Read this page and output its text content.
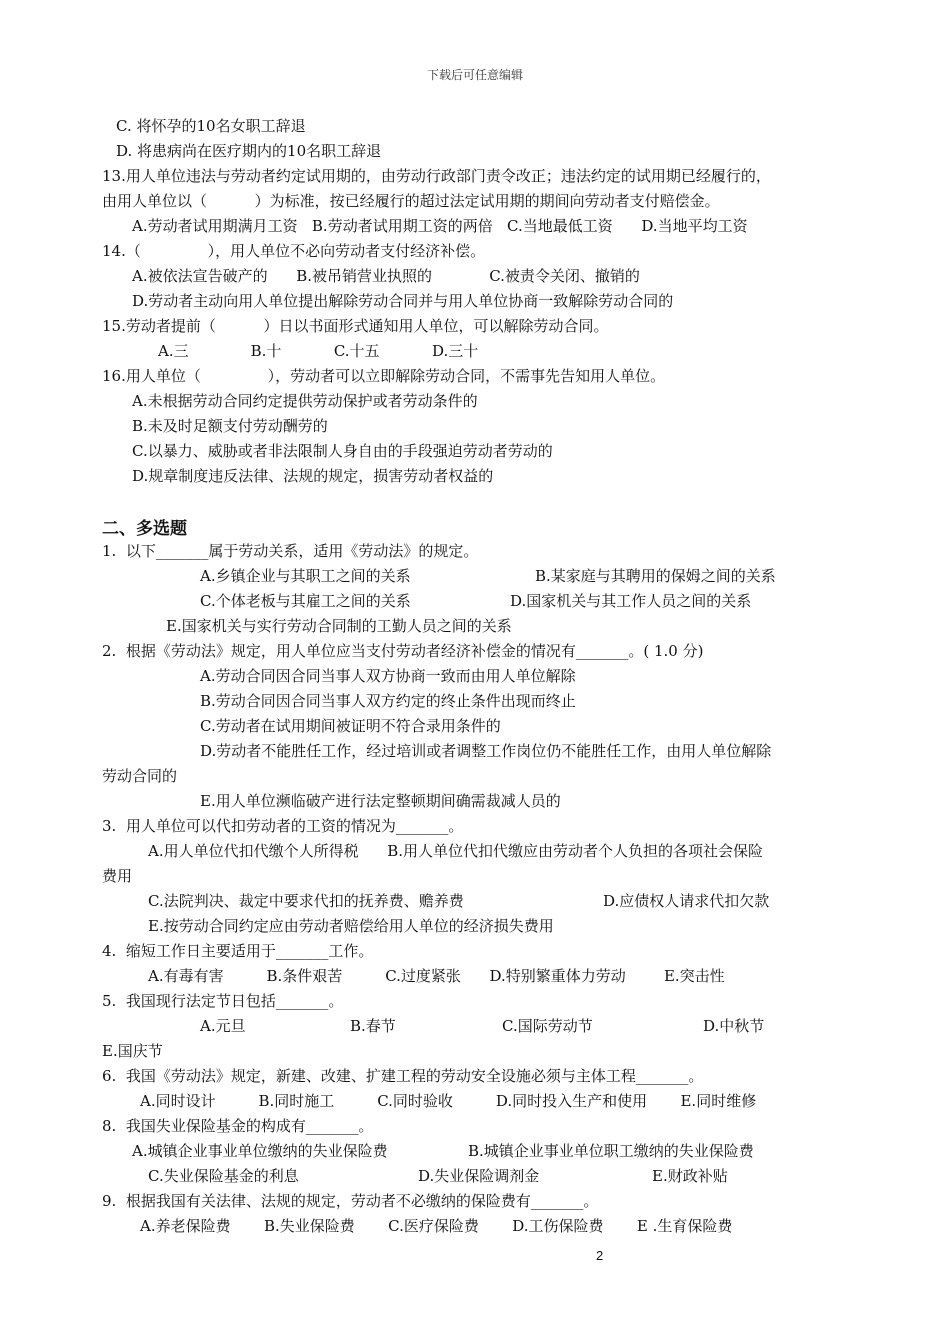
下载后可任意编辑
C. 将怀孕的10名女职工辞退
D. 将患病尚在医疗期内的10名职工辞退
13.用人单位违法与劳动者约定试用期的，由劳动行政部门责令改正；违法约定的试用期已经履行的，
由用人单位以（          ）为标准，按已经履行的超过法定试用期的期间向劳动者支付赔偿金。
A.劳动者试用期满月工资   B.劳动者试用期工资的两倍   C.当地最低工资      D.当地平均工资
14.（              ），用人单位不必向劳动者支付经济补偿。
A.被依法宣告破产的      B.被吊销营业执照的            C.被责令关闭、撤销的
D.劳动者主动向用人单位提出解除劳动合同并与用人单位协商一致解除劳动合同的
15.劳动者提前（          ）日以书面形式通知用人单位，可以解除劳动合同。
A.三             B.十           C.十五           D.三十
16.用人单位（              ），劳动者可以立即解除劳动合同，不需事先告知用人单位。
A.未根据劳动合同约定提供劳动保护或者劳动条件的
B.未及时足额支付劳动酬劳的
C.以暴力、威胁或者非法限制人身自由的手段强迫劳动者劳动的
D.规章制度违反法律、法规的规定，损害劳动者权益的
二、多选题
1.  以下_______属于劳动关系，适用《劳动法》的规定。
A.乡镇企业与其职工之间的关系	B.某家庭与其聘用的保姆之间的关系
C.个体老板与其雇工之间的关系	D.国家机关与其工作人员之间的关系
E.国家机关与实行劳动合同制的工勤人员之间的关系
2.  根据《劳动法》规定，用人单位应当支付劳动者经济补偿金的情况有_______。( 1.0 分)
A.劳动合同因合同当事人双方协商一致而由用人单位解除
B.劳动合同因合同当事人双方约定的终止条件出现而终止
C.劳动者在试用期间被证明不符合录用条件的
D.劳动者不能胜任工作，经过培训或者调整工作岗位仍不能胜任工作，由用人单位解除
劳动合同的
E.用人单位濒临破产进行法定整顿期间确需裁减人员的
3.  用人单位可以代扣劳动者的工资的情况为_______。
A.用人单位代扣代缴个人所得税      B.用人单位代扣代缴应由劳动者个人负担的各项社会保险
费用
C.法院判决、裁定中要求代扣的抚养费、赡养费	D.应债权人请求代扣欠款
E.按劳动合同约定应由劳动者赔偿给用人单位的经济损失费用
4.  缩短工作日主要适用于_______工作。
A.有毒有害         B.条件艰苦         C.过度紧张      D.特别繁重体力劳动        E.突击性
5.  我国现行法定节日包括_______。
A.元旦	B.春节	C.国际劳动节	D.中秋节
E.国庆节
6.  我国《劳动法》规定，新建、改建、扩建工程的劳动安全设施必须与主体工程_______。
A.同时设计         B.同时施工         C.同时验收         D.同时投入生产和使用       E.同时维修
8.  我国失业保险基金的构成有_______。
A.城镇企业事业单位缴纳的失业保险费	B.城镇企业事业单位职工缴纳的失业保险费
C.失业保险基金的利息	D.失业保险调剂金	E.财政补贴
9.  根据我国有关法律、法规的规定，劳动者不必缴纳的保险费有_______。
A.养老保险费       B.失业保险费       C.医疗保险费       D.工伤保险费       E .生育保险费
2
